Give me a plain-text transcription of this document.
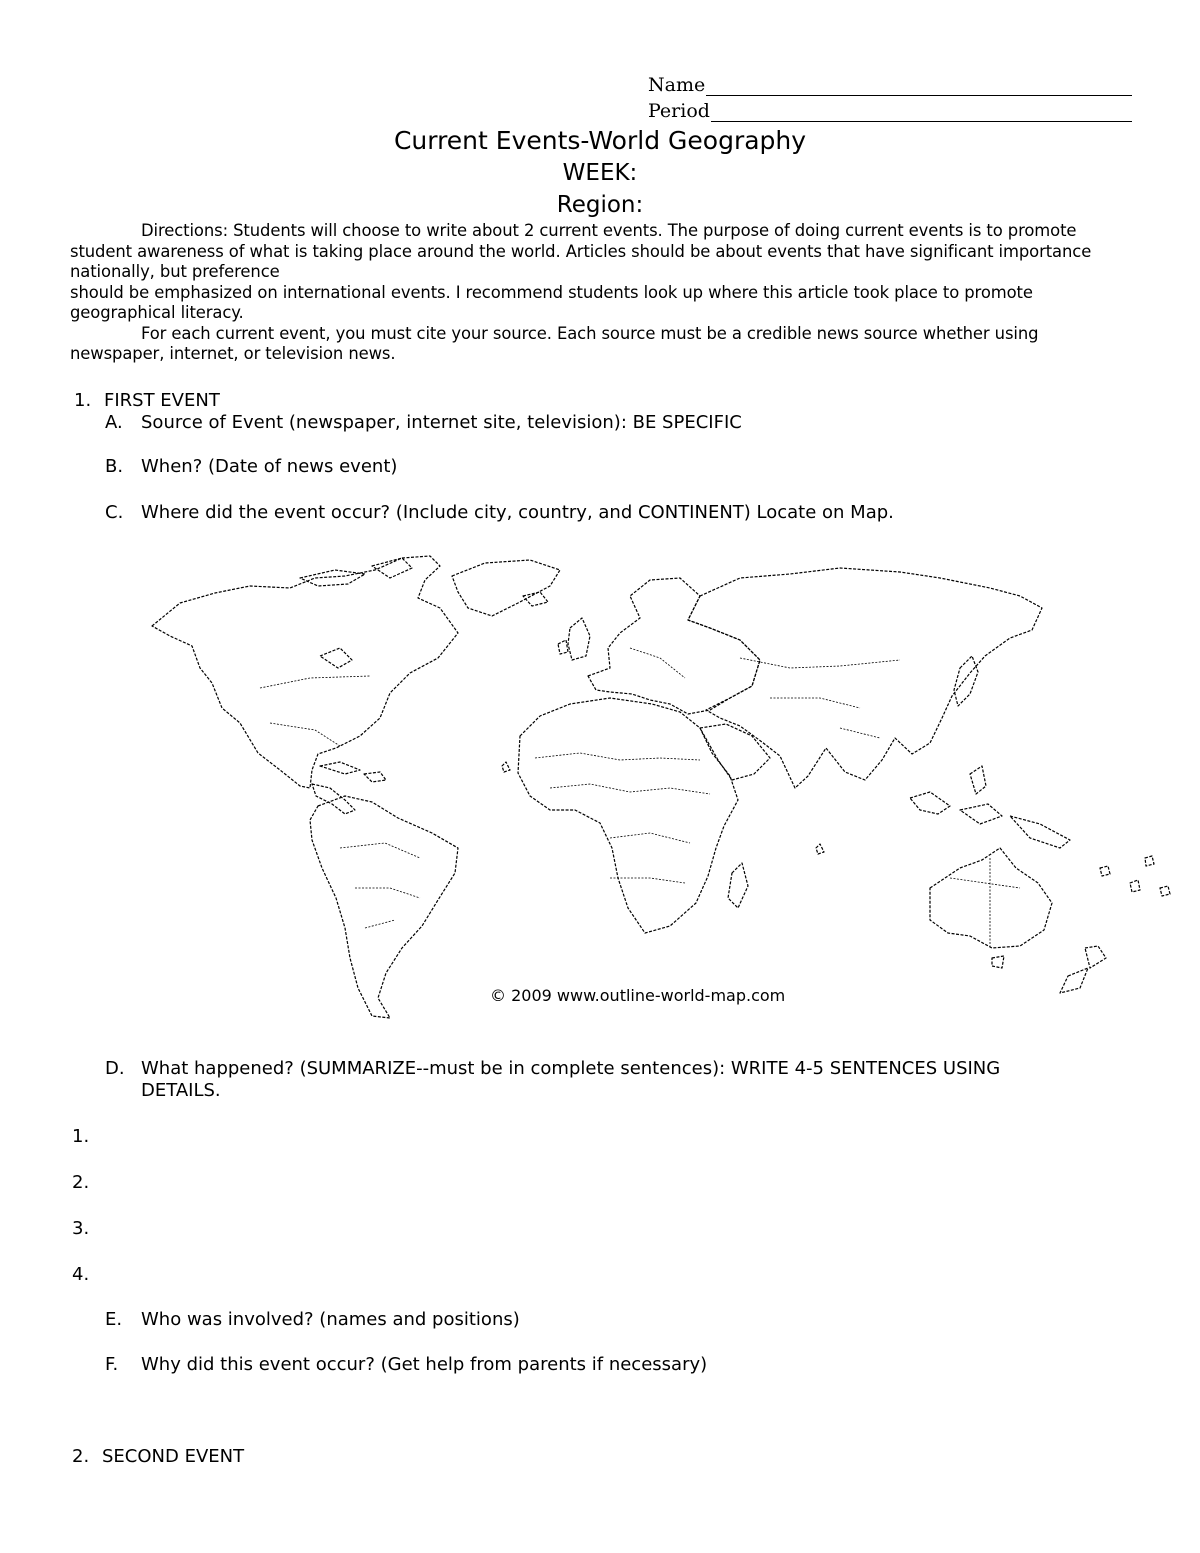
Name
Period
Current Events-World Geography
WEEK:
Region:

Directions: Students will choose to write about 2 current events. The purpose of doing current events is to promote student awareness of what is taking place around the world. Articles should be about events that have significant importance nationally, but preference

should be emphasized on international events. I recommend students look up where this article took place to promote geographical literacy.

For each current event, you must cite your source. Each source must be a credible news source whether using newspaper, internet, or television news.

1. FIRST EVENT
A. Source of Event (newspaper, internet site, television): BE SPECIFIC
B. When? (Date of news event)
C. Where did the event occur? (Include city, country, and CONTINENT) Locate on Map.
© 2009 www.outline-world-map.com
D. What happened? (SUMMARIZE--must be in complete sentences): WRITE 4-5 SENTENCES USING
DETAILS.
1.
2.
3.
4.
E. Who was involved? (names and positions)
F. Why did this event occur? (Get help from parents if necessary)
2. SECOND EVENT
